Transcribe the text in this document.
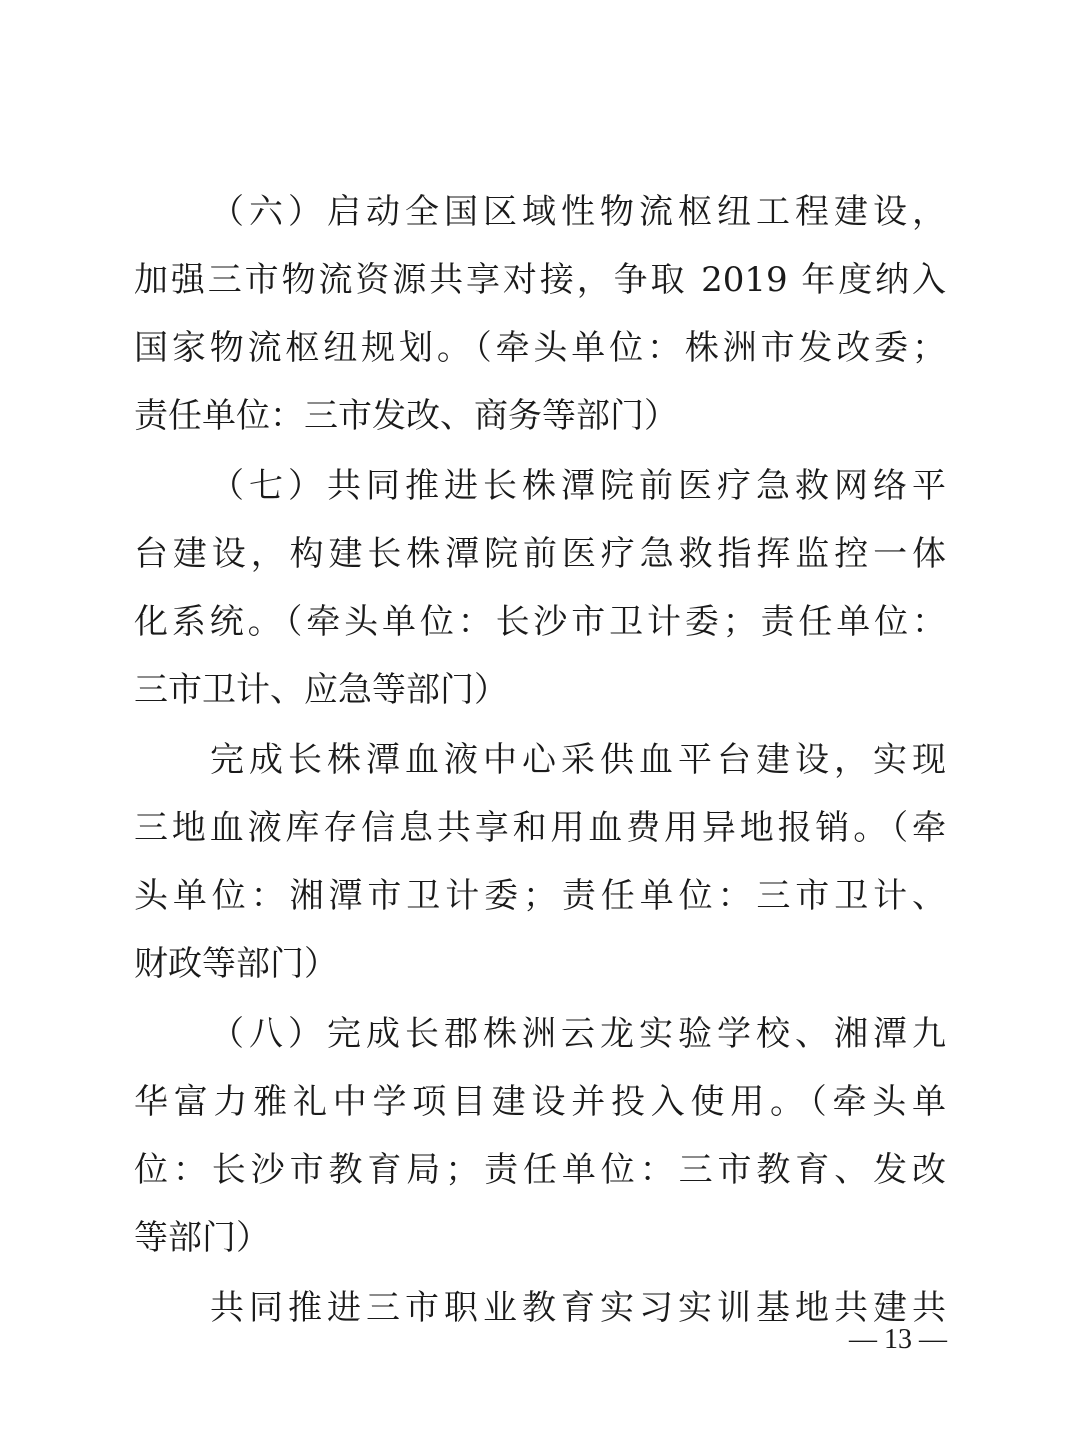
（六）启动全国区域性物流枢纽工程建设，
加强三市物流资源共享对接，争取 2019 年度纳入
国家物流枢纽规划。（牵头单位：株洲市发改委；
责任单位：三市发改、商务等部门）
（七）共同推进长株潭院前医疗急救网络平
台建设，构建长株潭院前医疗急救指挥监控一体
化系统。（牵头单位：长沙市卫计委；责任单位：
三市卫计、应急等部门）
完成长株潭血液中心采供血平台建设，实现
三地血液库存信息共享和用血费用异地报销。（牵
头单位：湘潭市卫计委；责任单位：三市卫计、
财政等部门）
（八）完成长郡株洲云龙实验学校、湘潭九
华富力雅礼中学项目建设并投入使用。（牵头单
位：长沙市教育局；责任单位：三市教育、发改
等部门）
共同推进三市职业教育实习实训基地共建共
— 13 —
